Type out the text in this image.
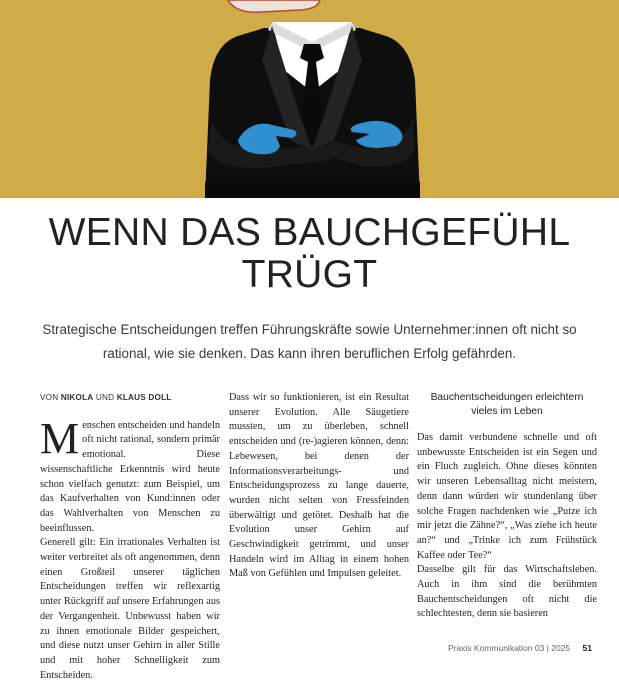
WENN DAS BAUCHGEFÜHL
TRÜGT

Strategische Entscheidungen treffen Führungskräfte sowie Unternehmer:innen oft nicht so rational, wie sie denken. Das kann ihren beruflichen Erfolg gefährden.

VON NIKOLA UND KLAUS DOLL

Menschen entscheiden und handeln oft nicht rational, sondern primär emotional. Diese wissenschaftliche Erkenntnis wird heute schon vielfach genutzt: zum Beispiel, um das Kaufverhalten von Kund:innen oder das Wahlverhalten von Menschen zu beeinflussen.

Generell gilt: Ein irrationales Verhalten ist weiter verbreitet als oft angenommen, denn einen Großteil unserer täglichen Entscheidungen treffen wir reflexartig unter Rückgriff auf unsere Erfahrungen aus der Vergangenheit. Unbewusst haben wir zu ihnen emotionale Bilder gespeichert, und diese nutzt unser Gehirn in aller Stille und mit hoher Schnelligkeit zum Entscheiden.

Dass wir so funktionieren, ist ein Resultat unserer Evolution. Alle Säugetiere mussten, um zu überleben, schnell entscheiden und (re-)agieren können, denn: Lebewesen, bei denen der Informationsverarbeitungs- und Entscheidungsprozess zu lange dauerte, wurden nicht selten von Fressfeinden überwältigt und getötet. Deshalb hat die Evolution unser Gehirn auf Geschwindigkeit getrimmt, und unser Handeln wird im Alltag in einem hohen Maß von Gefühlen und Impulsen geleitet.

Bauchentscheidungen erleichtern vieles im Leben

Das damit verbundene schnelle und oft unbewusste Entscheiden ist ein Segen und ein Fluch zugleich. Ohne dieses könnten wir unseren Lebensalltag nicht meistern, denn dann würden wir stundenlang über solche Fragen nachdenken wie „Putze ich mir jetzt die Zähne?“, „Was ziehe ich heute an?“ und „Trinke ich zum Frühstück Kaffee oder Tee?“

Dasselbe gilt für das Wirtschaftsleben. Auch in ihm sind die berühmten Bauchentscheidungen oft nicht die schlechtesten, denn sie basieren

Praxis Kommunikation 03 | 2025 51
